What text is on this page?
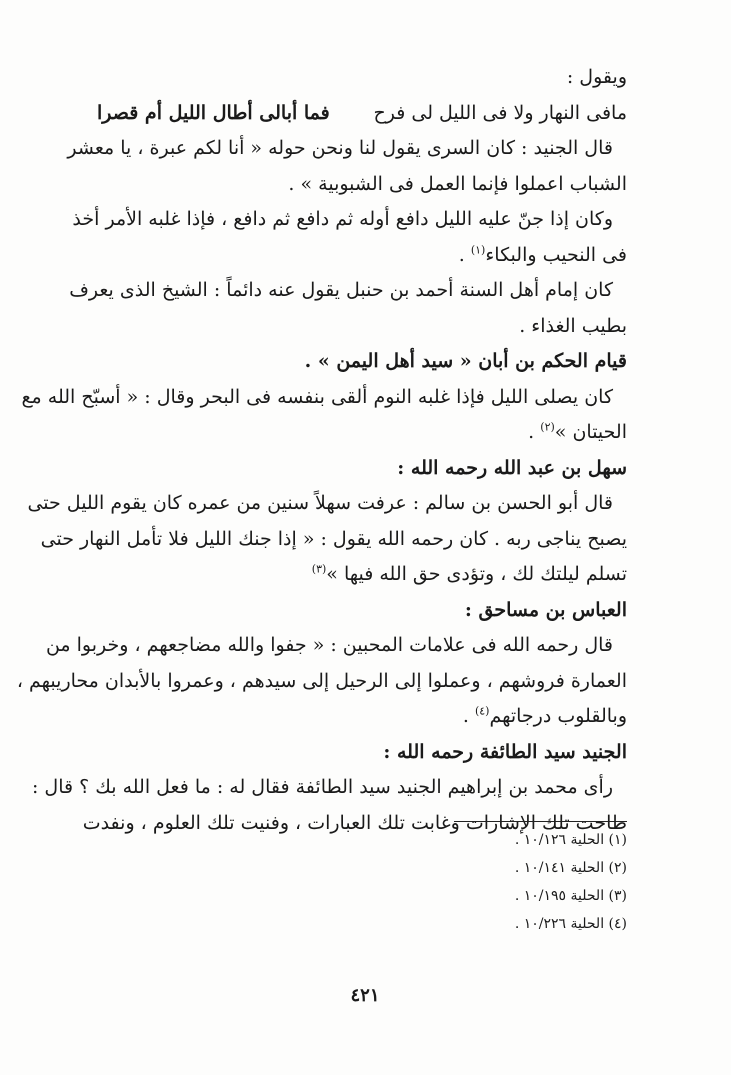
ويقول :
مافى النهار ولا فى الليل لى فرح
فما أبالى أطال الليل أم قصرا
قال الجنيد : كان السرى يقول لنا ونحن حوله « أنا لكم عبرة ، يا معشر
الشباب اعملوا فإنما العمل فى الشبوبية » .
وكان إذا جنّ عليه الليل دافع أوله ثم دافع ثم دافع ، فإذا غلبه الأمر أخذ
فى النحيب والبكاء$^{(١)}$ .
كان إمام أهل السنة أحمد بن حنبل يقول عنه دائماً : الشيخ الذى يعرف
بطيب الغذاء .
قيام الحكم بن أبان « سيد أهل اليمن » .
كان يصلى الليل فإذا غلبه النوم ألقى بنفسه فى البحر وقال : « أسبّح الله مع
الحيتان »$^{(٢)}$ .
سهل بن عبد الله رحمه الله :
قال أبو الحسن بن سالم : عرفت سهلاً سنين من عمره كان يقوم الليل حتى
يصبح يناجى ربه . كان رحمه الله يقول : « إذا جنك الليل فلا تأمل النهار حتى
تسلم ليلتك لك ، وتؤدى حق الله فيها »$^{(٣)}$
العباس بن مساحق :
قال رحمه الله فى علامات المحبين : « جفوا والله مضاجعهم ، وخربوا من
العمارة فروشهم ، وعملوا إلى الرحيل إلى سيدهم ، وعمروا بالأبدان محاريبهم ،
وبالقلوب درجاتهم$^{(٤)}$ .
الجنيد سيد الطائفة رحمه الله :
رأى محمد بن إبراهيم الجنيد سيد الطائفة فقال له : ما فعل الله بك ؟ قال :
طاحت تلك الإشارات وغابت تلك العبارات ، وفنيت تلك العلوم ، ونفدت
(١) الحلية ١٠/١٢٦ .
(٢) الحلية ١٠/١٤١ .
(٣) الحلية ١٠/١٩٥ .
(٤) الحلية ١٠/٢٢٦ .
٤٢١
